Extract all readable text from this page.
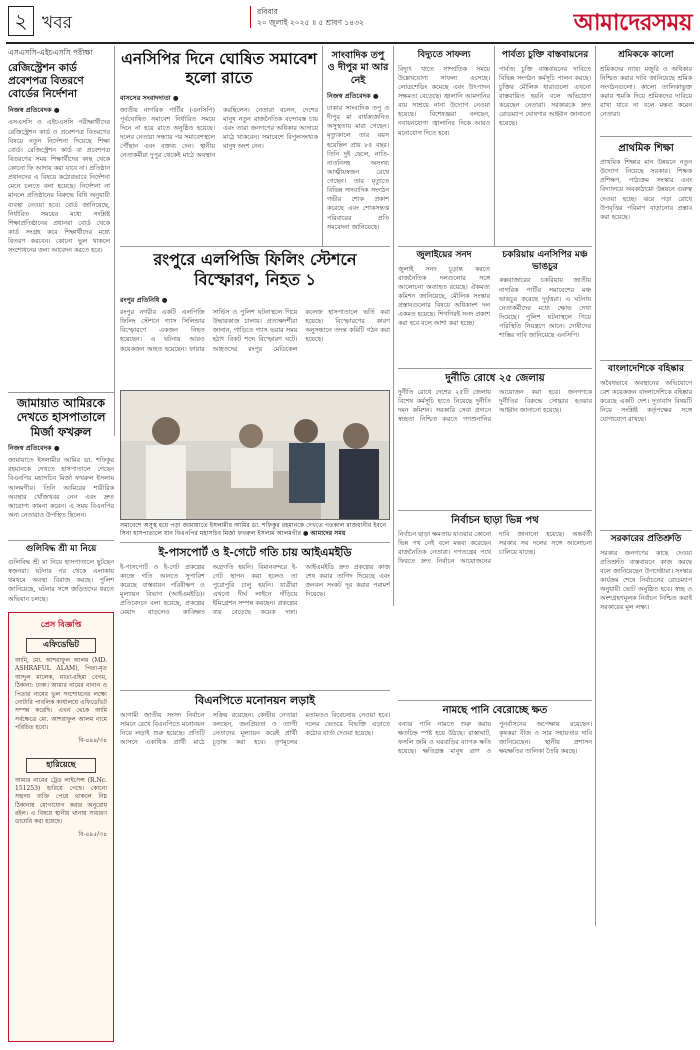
২ খবর
রবিবার
২০ জুলাই ২০২৫ ॥ ৫ শ্রাবণ ১৪৩২	আমাদেরসময়
এসএসসি-এইচএসসি পরীক্ষা
রেজিস্ট্রেশন কার্ড প্রবেশপত্র বিতরণে বোর্ডের নির্দেশনা
নিজস্ব প্রতিবেদক ●
এসএসসি ও এইচএসসি পরীক্ষার্থীদের রেজিস্ট্রেশন কার্ড ও প্রবেশপত্র বিতরণের বিষয়ে নতুন নির্দেশনা দিয়েছে শিক্ষা বোর্ড। রেজিস্ট্রেশন কার্ড বা প্রবেশপত্র বিতরণের সময় শিক্ষার্থীদের কাছ থেকে কোনো ফি আদায় করা যাবে না। প্রতিষ্ঠান প্রধানদের এ বিষয়ে কঠোরভাবে নির্দেশনা মেনে চলতে বলা হয়েছে। নির্দেশনা না মানলে প্রতিষ্ঠানের বিরুদ্ধে বিধি অনুযায়ী ব্যবস্থা নেওয়া হবে। বোর্ড জানিয়েছে, নির্ধারিত সময়ের মধ্যে সংশ্লিষ্ট শিক্ষাপ্রতিষ্ঠানের প্রধানরা বোর্ড থেকে কার্ড সংগ্রহ করে শিক্ষার্থীদের মধ্যে বিতরণ করবেন। কোনো ভুল থাকলে সংশোধনের জন্য আবেদন করতে হবে।
এনসিপির দিনে ঘোষিত সমাবেশ হলো রাতে
বাসসের সংবাদদাতা ●
জাতীয় নাগরিক পার্টির (এনসিপি) পূর্বঘোষিত সমাবেশ নির্ধারিত সময়ে দিনে না হয়ে রাতে অনুষ্ঠিত হয়েছে। দলের নেতারা সন্ধ্যার পর সমাবেশস্থলে পৌঁছান এবং বক্তব্য দেন। স্থানীয় নেতাকর্মীরা দুপুর থেকেই মাঠে অবস্থান করছিলেন। নেতারা বলেন, দেশের মানুষ নতুন রাজনৈতিক বন্দোবস্ত চায় এবং তারা জনগণের অধিকার আদায়ে মাঠে থাকবেন। সমাবেশে বিপুলসংখ্যক মানুষ অংশ নেন।
সাংবাদিক তপু ও দীপুর মা আর নেই
নিজস্ব প্রতিবেদক ●
ঢাকার সাংবাদিক তপু ও দীপুর মা বার্ধক্যজনিত অসুস্থতায় মারা গেছেন। মৃত্যুকালে তার বয়স হয়েছিল প্রায় ৮৫ বছর। তিনি দুই ছেলে, নাতি-নাতনিসহ অসংখ্য আত্মীয়স্বজন রেখে গেছেন। তার মৃত্যুতে বিভিন্ন সাংবাদিক সংগঠন গভীর শোক প্রকাশ করেছে এবং শোকসন্তপ্ত পরিবারের প্রতি সমবেদনা জানিয়েছে।
বিদ্যুতে সাফল্য
বিদ্যুৎ খাতে সাম্প্রতিক সময়ে উল্লেখযোগ্য সাফল্য এসেছে। লোডশেডিং কমেছে এবং উৎপাদন সক্ষমতা বেড়েছে। জ্বালানি আমদানির ব্যয় সাশ্রয়ে নানা উদ্যোগ নেওয়া হয়েছে। বিশেষজ্ঞরা বলছেন, নবায়নযোগ্য জ্বালানির দিকে আরও মনোযোগ দিতে হবে।
পার্বত্য চুক্তি বাস্তবায়নের
পার্বত্য চুক্তি বাস্তবায়নের দাবিতে বিভিন্ন সংগঠন কর্মসূচি পালন করছে। চুক্তির মৌলিক ধারাগুলো এখনো বাস্তবায়িত হয়নি বলে অভিযোগ করেছেন নেতারা। সরকারকে দ্রুত রোডম্যাপ ঘোষণার আহ্বান জানানো হয়েছে।
শ্রমিককে কালো
শ্রমিকদের ন্যায্য মজুরি ও অধিকার নিশ্চিত করার দাবি জানিয়েছে শ্রমিক সংগঠনগুলো। কালো তালিকাভুক্ত করার হুমকি দিয়ে শ্রমিকদের দাবিয়ে রাখা যাবে না বলে মন্তব্য করেন নেতারা।
প্রাথমিক শিক্ষা
প্রাথমিক শিক্ষার মান উন্নয়নে নতুন উদ্যোগ নিয়েছে সরকার। শিক্ষক প্রশিক্ষণ, পাঠ্যক্রম সংস্কার এবং বিদ্যালয়ে অবকাঠামো উন্নয়নে গুরুত্ব দেওয়া হচ্ছে। ঝরে পড়া রোধে উপবৃত্তির পরিমাণ বাড়ানোর প্রস্তাব করা হয়েছে।
রংপুরে এলপিজি ফিলিং স্টেশনে বিস্ফোরণ, নিহত ১
রংপুর প্রতিনিধি ●
রংপুর নগরীর একটি এলপিজি ফিলিং স্টেশনে গ্যাস সিলিন্ডার বিস্ফোরণে একজন নিহত হয়েছেন। এ ঘটনায় আরও কয়েকজন আহত হয়েছেন। ফায়ার সার্ভিস ও পুলিশ ঘটনাস্থলে গিয়ে উদ্ধারকাজ চালায়। প্রত্যক্ষদর্শীরা জানান, গাড়িতে গ্যাস ভরার সময় হঠাৎ বিকট শব্দে বিস্ফোরণ ঘটে। আহতদের রংপুর মেডিকেল কলেজ হাসপাতালে ভর্তি করা হয়েছে। বিস্ফোরণের কারণ অনুসন্ধানে তদন্ত কমিটি গঠন করা হয়েছে।
জুলাইয়ের সনদ
জুলাই সনদ চূড়ান্ত করতে রাজনৈতিক দলগুলোর সঙ্গে আলোচনা অব্যাহত রয়েছে। ঐকমত্য কমিশন জানিয়েছে, মৌলিক সংস্কার প্রস্তাবগুলোর বিষয়ে অধিকাংশ দল একমত হয়েছে। শিগগিরই সনদ প্রকাশ করা হবে বলে আশা করা হচ্ছে।
চকরিয়ায় এনসিপির মঞ্চ ভাঙচুর
কক্সবাজারের চকরিয়ায় জাতীয় নাগরিক পার্টির সমাবেশের মঞ্চ ভাঙচুর করেছে দুর্বৃত্তরা। এ ঘটনায় নেতাকর্মীদের মধ্যে ক্ষোভ দেখা দিয়েছে। পুলিশ ঘটনাস্থলে গিয়ে পরিস্থিতি নিয়ন্ত্রণে আনে। দোষীদের শাস্তির দাবি জানিয়েছে এনসিপি।
বাংলাদেশিকে বহিষ্কার
অবৈধভাবে অবস্থানের অভিযোগে বেশ কয়েকজন বাংলাদেশিকে বহিষ্কার করেছে একটি দেশ। দূতাবাস বিষয়টি নিয়ে সংশ্লিষ্ট কর্তৃপক্ষের সঙ্গে যোগাযোগ রাখছে।
জামায়াত আমিরকে দেখতে হাসপাতালে মির্জা ফখরুল
নিজস্ব প্রতিবেদক ●
জামায়াতে ইসলামীর আমির ডা. শফিকুর রহমানকে দেখতে হাসপাতালে গেছেন বিএনপির মহাসচিব মির্জা ফখরুল ইসলাম আলমগীর। তিনি আমিরের শারীরিক অবস্থার খোঁজখবর নেন এবং দ্রুত আরোগ্য কামনা করেন। এ সময় বিএনপির অন্য নেতারাও উপস্থিত ছিলেন।
সমাবেশে অসুস্থ হয়ে পড়া জামায়াতে ইসলামীর আমির ডা. শফিকুর রহমানকে দেখতে গতকাল রাজধানীর ইবনে সিনা হাসপাতালে যান বিএনপির মহাসচিব মির্জা ফখরুল ইসলাম আলমগীর ● আমাদের সময়
দুর্নীতি রোধে ২৫ জেলায়
দুর্নীতি রোধে দেশের ২৫টি জেলায় বিশেষ কর্মসূচি হাতে নিয়েছে দুর্নীতি দমন কমিশন। সরকারি সেবা প্রদানে স্বচ্ছতা নিশ্চিত করতে গণশুনানির আয়োজন করা হবে। জনগণকে দুর্নীতির বিরুদ্ধে সোচ্চার হওয়ার আহ্বান জানানো হয়েছে।
সরকারের প্রতিশ্রুতি
সরকার জনগণের কাছে দেওয়া প্রতিশ্রুতি বাস্তবায়নে কাজ করছে বলে জানিয়েছেন উপদেষ্টারা। সংস্কার কার্যক্রম শেষে নির্বাচনের রোডম্যাপ অনুযায়ী ভোট অনুষ্ঠিত হবে। স্বচ্ছ ও অংশগ্রহণমূলক নির্বাচন নিশ্চিত করাই সরকারের মূল লক্ষ্য।
গুলিবিদ্ধ শ্রী মা নিয়ে
গুলিবিদ্ধ শ্রী মা নিয়ে হাসপাতালে ছুটছেন স্বজনরা। ঘটনার পর থেকে এলাকায় থমথমে অবস্থা বিরাজ করছে। পুলিশ জানিয়েছে, ঘটনার সঙ্গে জড়িতদের ধরতে অভিযান চলছে।
ই-পাসপোর্ট ও ই-গেটে গতি চায় আইএমইডি
ই-পাসপোর্ট ও ই-গেট প্রকল্পের কাজে গতি আনতে সুপারিশ করেছে বাস্তবায়ন পরিবীক্ষণ ও মূল্যায়ন বিভাগ (আইএমইডি)। প্রতিবেদনে বলা হয়েছে, প্রকল্পের মেয়াদ বাড়লেও কাঙ্ক্ষিত অগ্রগতি হয়নি। বিমানবন্দরে ই-গেট স্থাপন করা হলেও তা পুরোপুরি চালু হয়নি। যাত্রীরা এখনো দীর্ঘ লাইনে দাঁড়িয়ে ইমিগ্রেশন সম্পন্ন করছেন। প্রকল্পের ব্যয় বেড়েছে কয়েক দফা। আইএমইডি দ্রুত প্রকল্পের কাজ শেষ করার তাগিদ দিয়েছে এবং জনবল সংকট দূর করার পরামর্শ দিয়েছে।
নির্বাচন ছাড়া ভিন্ন পথ
নির্বাচন ছাড়া ক্ষমতায় যাওয়ার কোনো ভিন্ন পথ নেই বলে মন্তব্য করেছেন রাজনৈতিক নেতারা। গণতন্ত্রের পথে ফিরতে দ্রুত নির্বাচন আয়োজনের দাবি জানানো হয়েছে। অন্তর্বর্তী সরকার সব দলের সঙ্গে আলোচনা চালিয়ে যাচ্ছে।
প্রেস বিজ্ঞপ্তি
এফিডেভিট
আমি, মো. আশরাফুল আলম (MD. ASHRAFUL ALAM), পিতা-মৃত আব্দুল মালেক, মাতা-রহিমা বেগম, ঠিকানা: ঢাকা। আমার নামের বানান ও পিতার নামের ভুল সংশোধনের লক্ষ্যে নোটারি পাবলিক কার্যালয়ে এফিডেভিট সম্পন্ন করেছি। এখন থেকে আমি সর্বক্ষেত্রে মো. আশরাফুল আলম নামে পরিচিত হবো।
বি-৪৯৪/৩৪
হারিয়েছে
আমার নামের ট্রেড লাইসেন্স (R.Nc. 151253) হারিয়ে গেছে। কোনো সহৃদয় ব্যক্তি পেয়ে থাকলে নিম্ন ঠিকানায় যোগাযোগ করার অনুরোধ রইল। এ বিষয়ে স্থানীয় থানায় সাধারণ ডায়েরি করা হয়েছে।
বি-৪৯৫/৩৪
বিএনপিতে মনোনয়ন লড়াই
আগামী জাতীয় সংসদ নির্বাচন সামনে রেখে বিএনপিতে মনোনয়ন নিয়ে লড়াই শুরু হয়েছে। প্রতিটি আসনে একাধিক প্রার্থী মাঠে সক্রিয় রয়েছেন। কেন্দ্রীয় নেতারা বলছেন, জনপ্রিয়তা ও ত্যাগী নেতাদের মূল্যায়ন করেই প্রার্থী চূড়ান্ত করা হবে। তৃণমূলের মতামতও বিবেচনায় নেওয়া হবে। দলের ভেতরে বিভক্তি এড়াতে কঠোর বার্তা দেওয়া হয়েছে।
নামছে পানি বেরোচ্ছে ক্ষত
বন্যার পানি নামতে শুরু করায় ক্ষতচিহ্ন স্পষ্ট হয়ে উঠছে। রাস্তাঘাট, ফসলি জমি ও ঘরবাড়ির ব্যাপক ক্ষতি হয়েছে। ক্ষতিগ্রস্ত মানুষ ত্রাণ ও পুনর্বাসনের অপেক্ষায় রয়েছেন। কৃষকরা বীজ ও সার সহায়তার দাবি জানিয়েছেন। স্থানীয় প্রশাসন ক্ষয়ক্ষতির তালিকা তৈরি করছে।
